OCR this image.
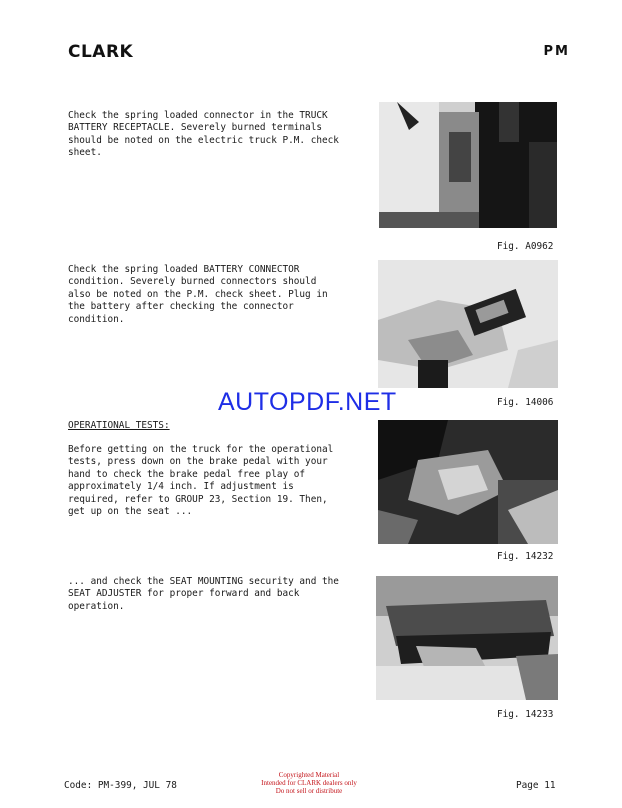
CLARK	PM
Check the spring loaded connector in the TRUCK
BATTERY RECEPTACLE. Severely burned terminals
should be noted on the electric truck P.M. check
sheet.
Fig. A0962
Check the spring loaded BATTERY CONNECTOR
condition. Severely burned connectors should
also be noted on the P.M. check sheet. Plug in
the battery after checking the connector
condition.
Fig. 14006
OPERATIONAL TESTS:
Before getting on the truck for the operational
tests, press down on the brake pedal with your
hand to check the brake pedal free play of
approximately 1/4 inch. If adjustment is
required, refer to GROUP 23, Section 19. Then,
get up on the seat ...
Fig. 14232
... and check the SEAT MOUNTING security and the
SEAT ADJUSTER for proper forward and back
operation.
Fig. 14233
AUTOPDF.NET
Code: PM-399, JUL 78
Copyrighted Material
Intended for CLARK dealers only
Do not sell or distribute	Page 11
